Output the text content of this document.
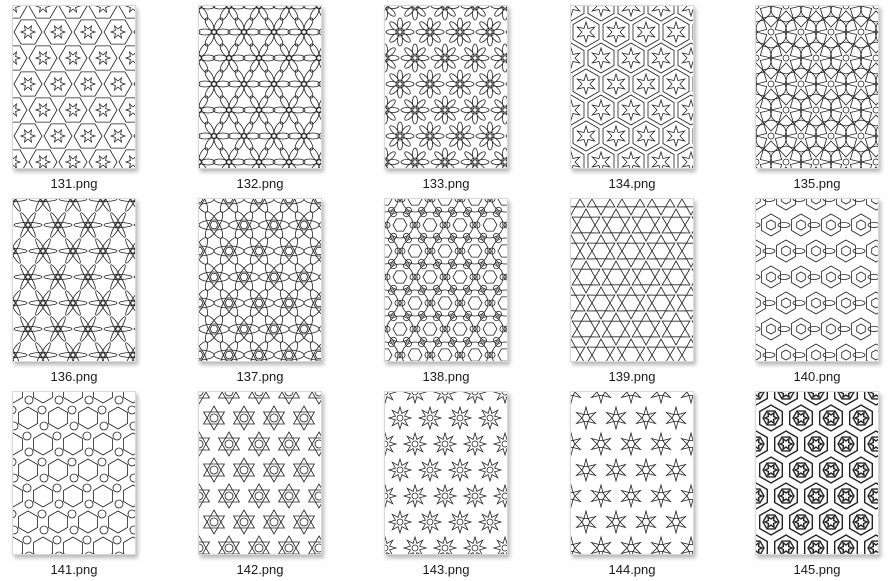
131.png	132.png	133.png	134.png	135.png
136.png	137.png	138.png	139.png	140.png
141.png	142.png	143.png	144.png	145.png
